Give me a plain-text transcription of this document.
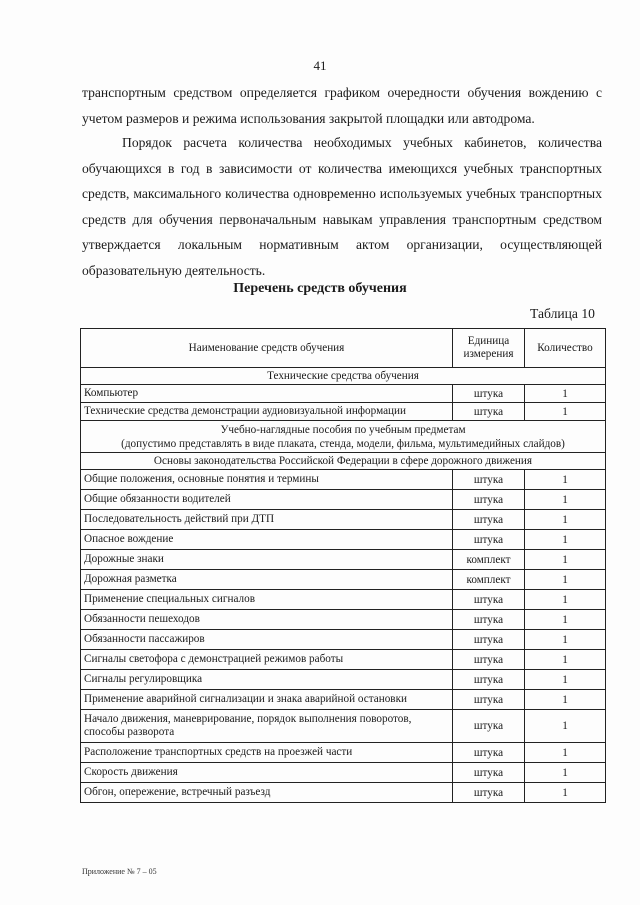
41

транспортным средством определяется графиком очередности обучения вождению с учетом размеров и режима использования закрытой площадки или автодрома.

Порядок расчета количества необходимых учебных кабинетов, количества обучающихся в год в зависимости от количества имеющихся учебных транспортных средств, максимального количества одновременно используемых учебных транспортных средств для обучения первоначальным навыкам управления транспортным средством утверждается локальным нормативным актом организации, осуществляющей образовательную деятельность.

Перечень средств обучения
Таблица 10
Наименование средств обучения	Единица измерения	Количество
Технические средства обучения		
Компьютер	штука	1
Технические средства демонстрации аудиовизуальной информации	штука	1

Учебно-наглядные пособия по учебным предметам
(допустимо представлять в виде плаката, стенда, модели, фильма, мультимедийных слайдов)		

Основы законодательства Российской Федерации в сфере дорожного движения		
Общие положения, основные понятия и термины	штука	1
Общие обязанности водителей	штука	1
Последовательность действий при ДТП	штука	1
Опасное вождение	штука	1
Дорожные знаки	комплект	1
Дорожная разметка	комплект	1
Применение специальных сигналов	штука	1
Обязанности пешеходов	штука	1
Обязанности пассажиров	штука	1
Сигналы светофора с демонстрацией режимов работы	штука	1
Сигналы регулировщика	штука	1
Применение аварийной сигнализации и знака аварийной остановки	штука	1
Начало движения, маневрирование, порядок выполнения поворотов, способы разворота	штука	1
Расположение транспортных средств на проезжей части	штука	1
Скорость движения	штука	1
Обгон, опережение, встречный разъезд	штука	1
Приложение № 7 – 05
